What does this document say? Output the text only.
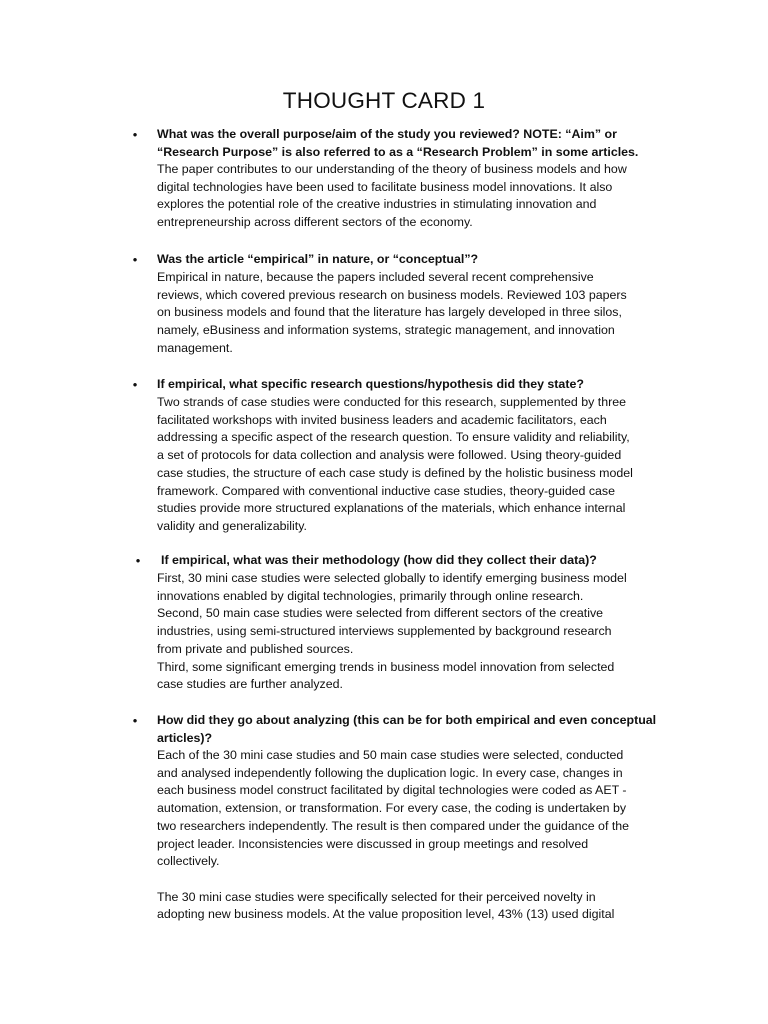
THOUGHT CARD 1
•	What was the overall purpose/aim of the study you reviewed? NOTE: “Aim” or
“Research Purpose” is also referred to as a “Research Problem” in some articles.
The paper contributes to our understanding of the theory of business models and how
digital technologies have been used to facilitate business model innovations. It also
explores the potential role of the creative industries in stimulating innovation and
entrepreneurship across different sectors of the economy.
•	Was the article “empirical” in nature, or “conceptual”?
Empirical in nature, because the papers included several recent comprehensive
reviews, which covered previous research on business models. Reviewed 103 papers
on business models and found that the literature has largely developed in three silos,
namely, eBusiness and information systems, strategic management, and innovation
management.
•	If empirical, what specific research questions/hypothesis did they state?
Two strands of case studies were conducted for this research, supplemented by three
facilitated workshops with invited business leaders and academic facilitators, each
addressing a specific aspect of the research question. To ensure validity and reliability,
a set of protocols for data collection and analysis were followed. Using theory-guided
case studies, the structure of each case study is defined by the holistic business model
framework. Compared with conventional inductive case studies, theory-guided case
studies provide more structured explanations of the materials, which enhance internal
validity and generalizability.
•	If empirical, what was their methodology (how did they collect their data)?
First, 30 mini case studies were selected globally to identify emerging business model
innovations enabled by digital technologies, primarily through online research.
Second, 50 main case studies were selected from different sectors of the creative
industries, using semi-structured interviews supplemented by background research
from private and published sources.
Third, some significant emerging trends in business model innovation from selected
case studies are further analyzed.
•	How did they go about analyzing (this can be for both empirical and even conceptual
articles)?
Each of the 30 mini case studies and 50 main case studies were selected, conducted
and analysed independently following the duplication logic. In every case, changes in
each business model construct facilitated by digital technologies were coded as AET -
automation, extension, or transformation. For every case, the coding is undertaken by
two researchers independently. The result is then compared under the guidance of the
project leader. Inconsistencies were discussed in group meetings and resolved
collectively.

The 30 mini case studies were specifically selected for their perceived novelty in
adopting new business models. At the value proposition level, 43% (13) used digital
